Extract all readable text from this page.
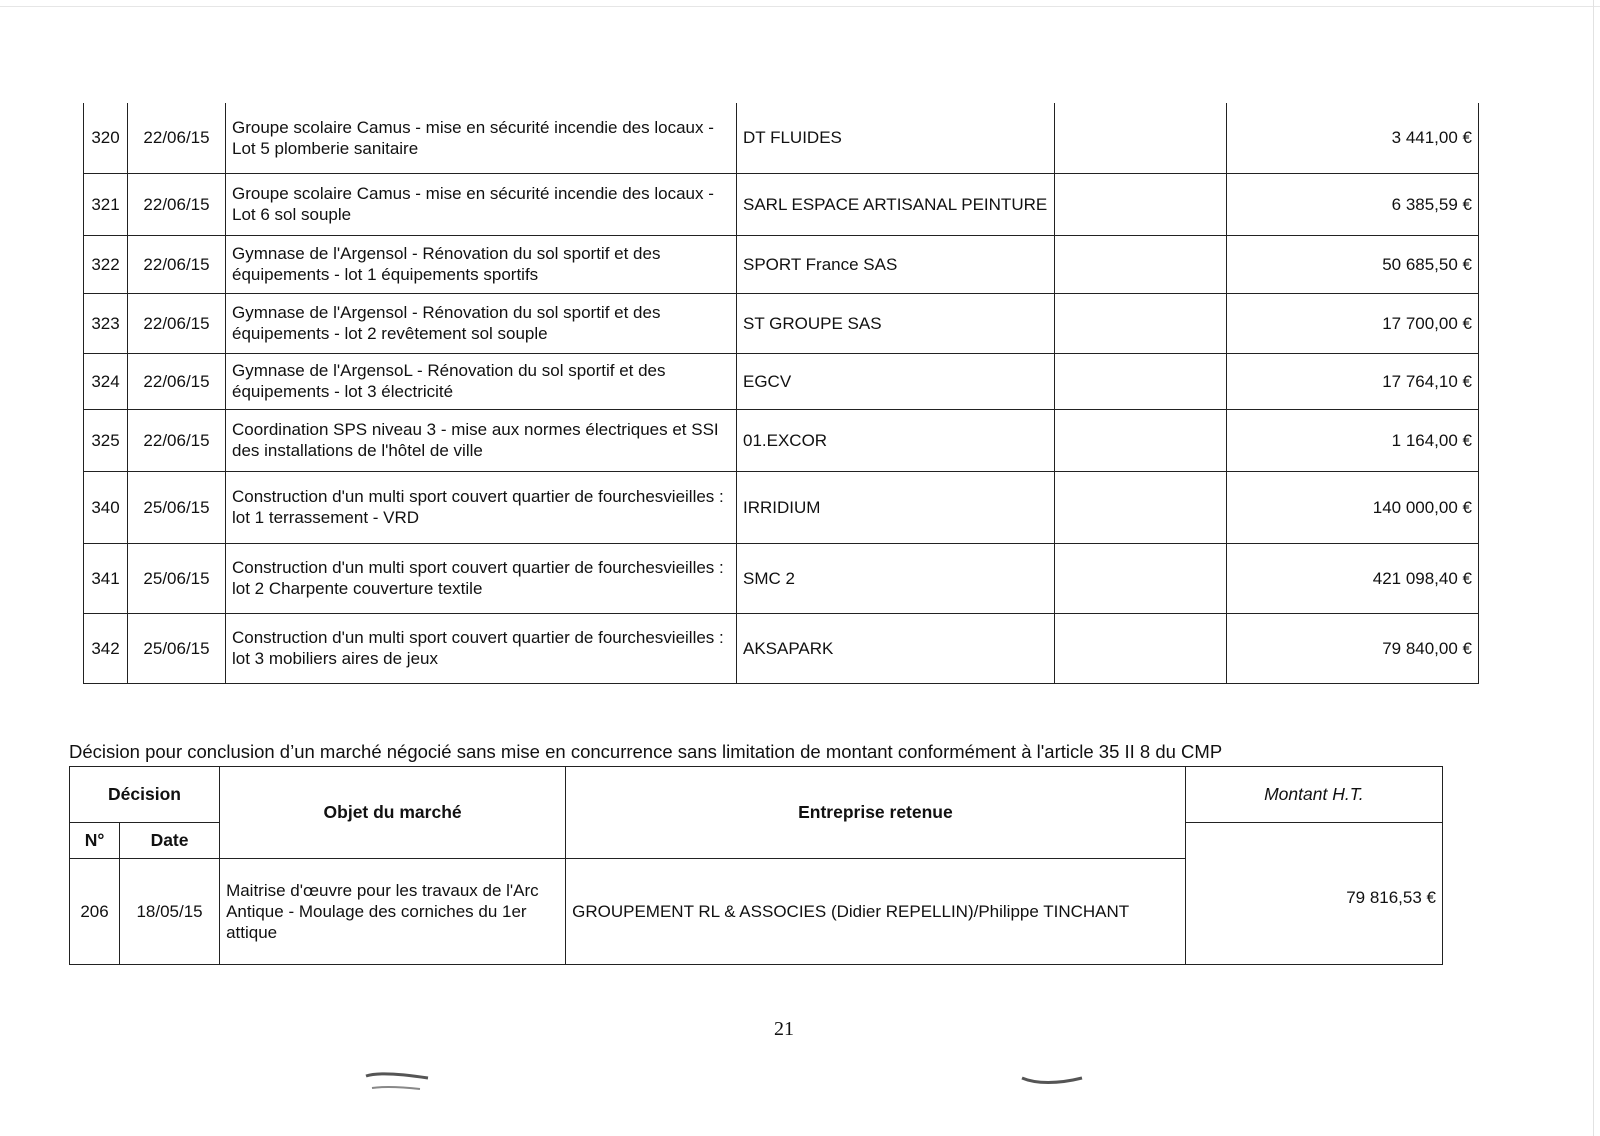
320	22/06/15	Groupe scolaire Camus - mise en sécurité incendie des locaux - Lot 5 plomberie sanitaire	DT FLUIDES		3 441,00 €
321	22/06/15	Groupe scolaire Camus - mise en sécurité incendie des locaux - Lot 6 sol souple	SARL ESPACE ARTISANAL PEINTURE		6 385,59 €
322	22/06/15	Gymnase de l'Argensol - Rénovation du sol sportif et des équipements - lot 1 équipements sportifs	SPORT France SAS		50 685,50 €
323	22/06/15	Gymnase de l'Argensol - Rénovation du sol sportif et des équipements - lot 2 revêtement sol souple	ST GROUPE SAS		17 700,00 €
324	22/06/15	Gymnase de l'ArgensoL - Rénovation du sol sportif et des équipements - lot 3 électricité	EGCV		17 764,10 €
325	22/06/15	Coordination SPS niveau 3 - mise aux normes électriques et SSI des installations de l'hôtel de ville	01.EXCOR		1 164,00 €
340	25/06/15	Construction d'un multi sport couvert quartier de fourchesvieilles : lot 1 terrassement - VRD	IRRIDIUM		140 000,00 €
341	25/06/15	Construction d'un multi sport couvert quartier de fourchesvieilles : lot 2 Charpente couverture textile	SMC 2		421 098,40 €
342	25/06/15	Construction d'un multi sport couvert quartier de fourchesvieilles : lot 3 mobiliers aires de jeux	AKSAPARK		79 840,00 €
Décision pour conclusion d’un marché négocié sans mise en concurrence sans limitation de montant conformément à l'article 35 II 8 du CMP
Décision		Objet du marché	Entreprise retenue	Montant H.T.
N°	Date			
206	18/05/15	Maitrise d'œuvre pour les travaux de l'Arc Antique - Moulage des corniches du 1er attique	GROUPEMENT RL & ASSOCIES (Didier REPELLIN)/Philippe TINCHANT	79 816,53 €
21
